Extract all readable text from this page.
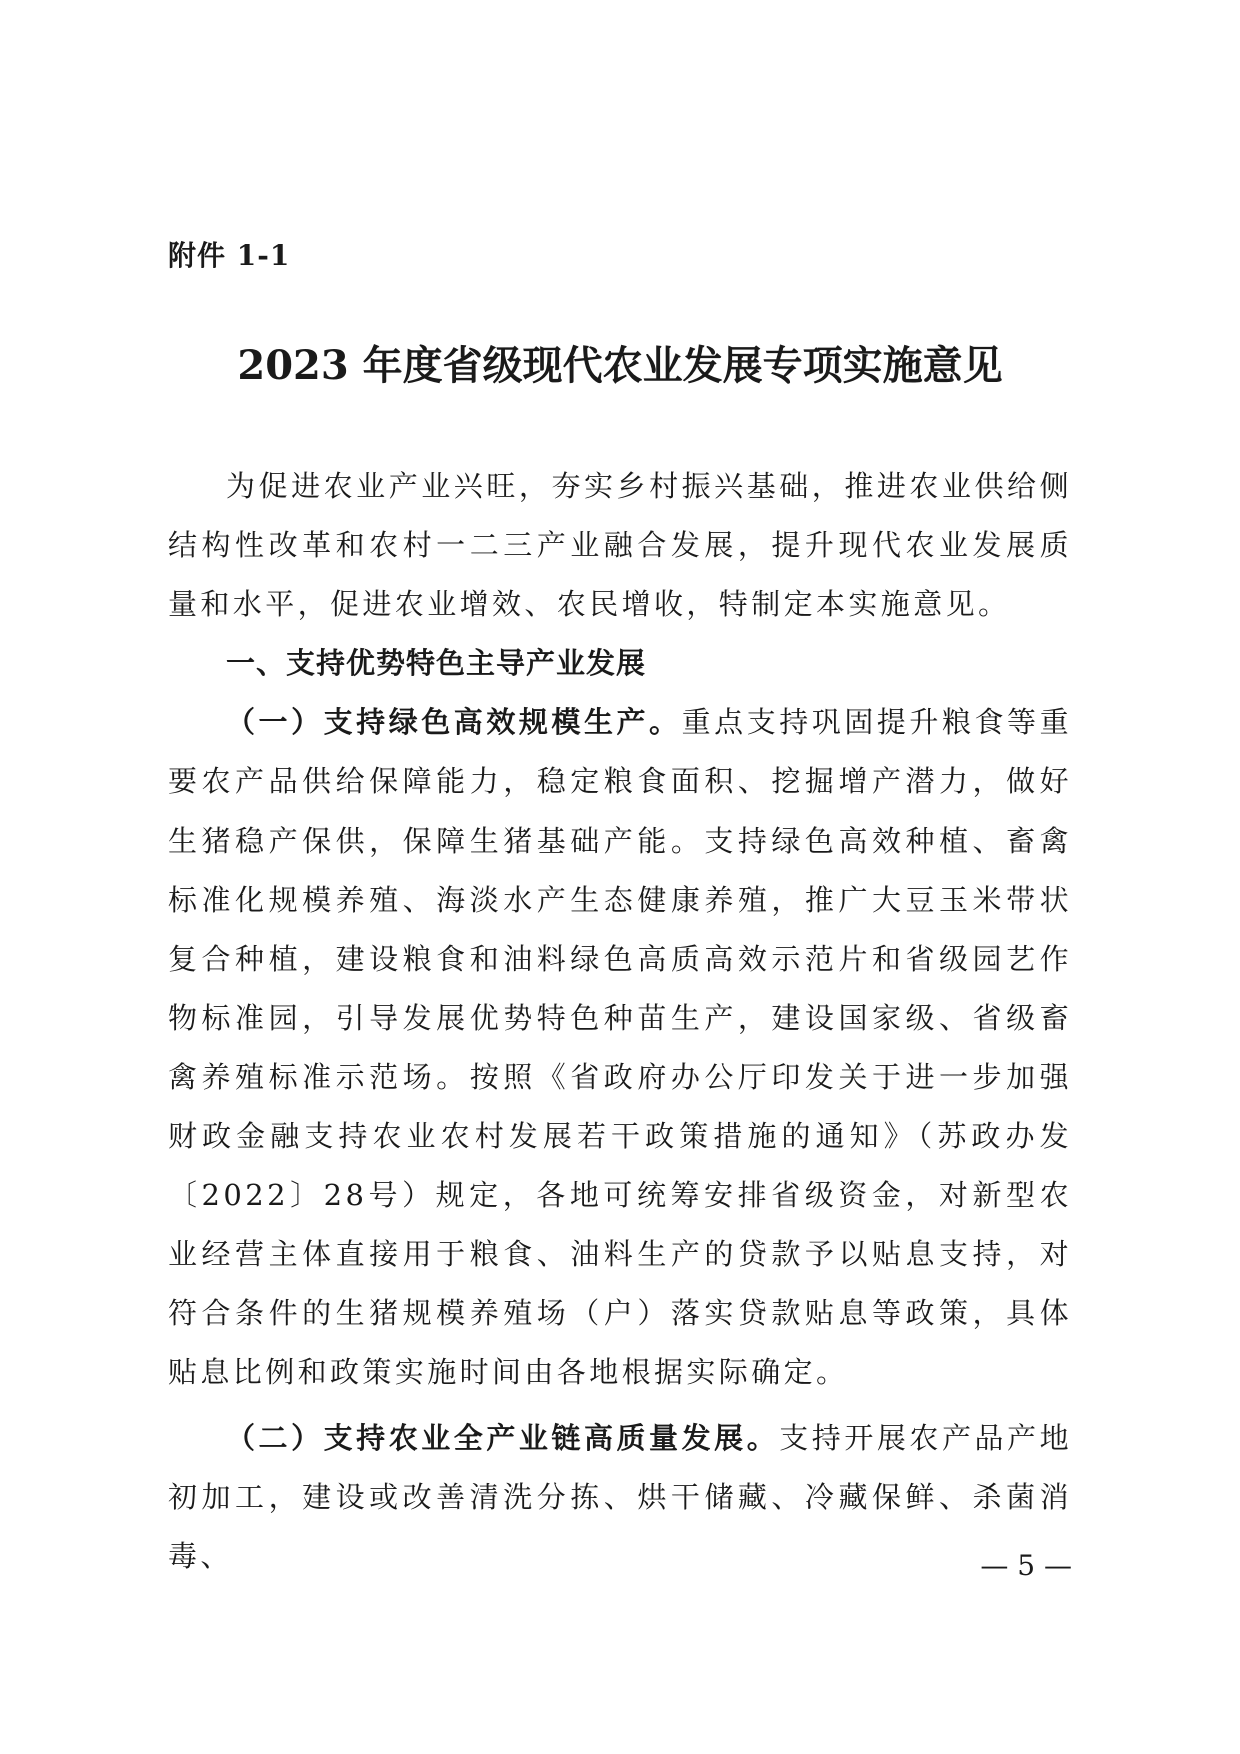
附件 1-1
2023 年度省级现代农业发展专项实施意见

为促进农业产业兴旺，夯实乡村振兴基础，推进农业供给侧结构性改革和农村一二三产业融合发展，提升现代农业发展质量和水平，促进农业增效、农民增收，特制定本实施意见。

一、支持优势特色主导产业发展

（一）支持绿色高效规模生产。重点支持巩固提升粮食等重要农产品供给保障能力，稳定粮食面积、挖掘增产潜力，做好生猪稳产保供，保障生猪基础产能。支持绿色高效种植、畜禽标准化规模养殖、海淡水产生态健康养殖，推广大豆玉米带状复合种植，建设粮食和油料绿色高质高效示范片和省级园艺作物标准园，引导发展优势特色种苗生产，建设国家级、省级畜禽养殖标准示范场。按照《省政府办公厅印发关于进一步加强财政金融支持农业农村发展若干政策措施的通知》（苏政办发〔2022〕28号）规定，各地可统筹安排省级资金，对新型农业经营主体直接用于粮食、油料生产的贷款予以贴息支持，对符合条件的生猪规模养殖场（户）落实贷款贴息等政策，具体贴息比例和政策实施时间由各地根据实际确定。

（二）支持农业全产业链高质量发展。支持开展农产品产地初加工，建设或改善清洗分拣、烘干储藏、冷藏保鲜、杀菌消毒、	— 5 —
